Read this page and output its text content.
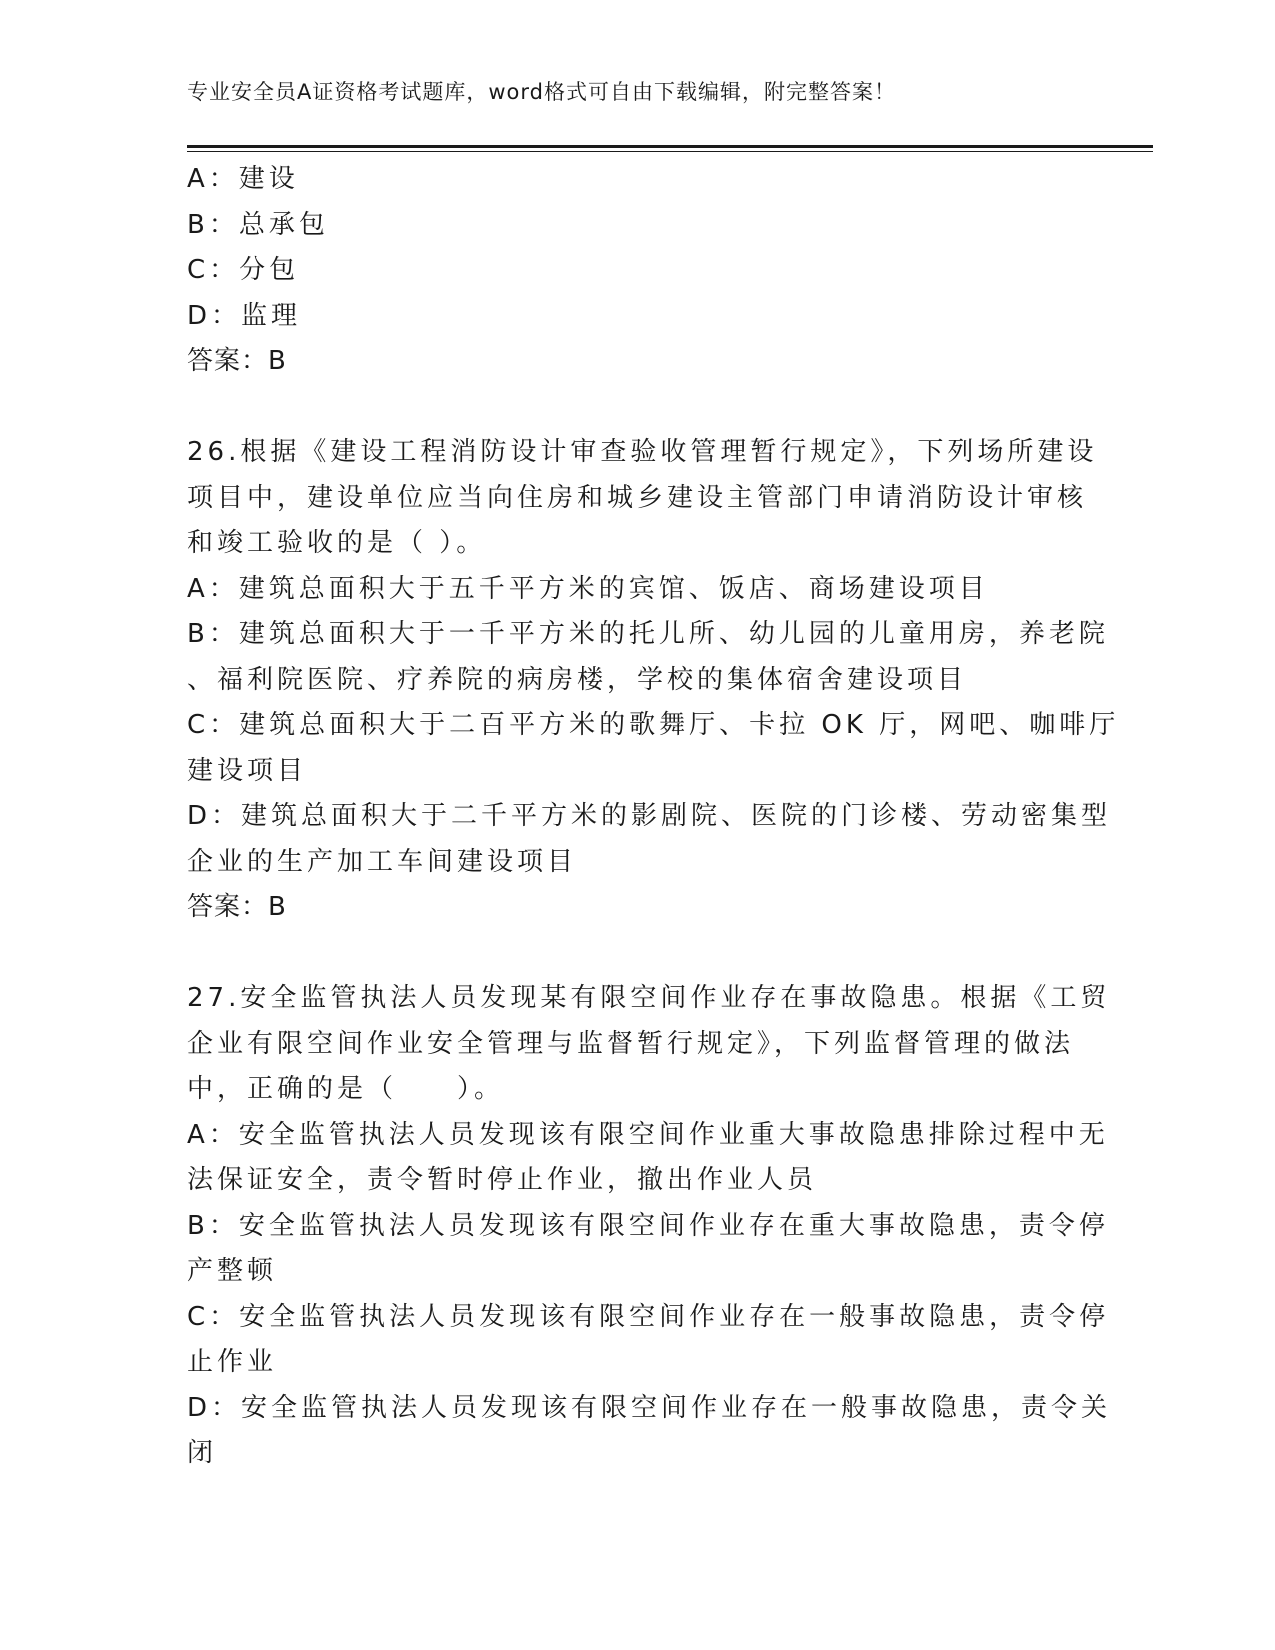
专业安全员A证资格考试题库，word格式可自由下载编辑，附完整答案！
A：建设
B：总承包
C：分包
D：监理
答案：B
26.根据《建设工程消防设计审查验收管理暂行规定》，下列场所建设
项目中，建设单位应当向住房和城乡建设主管部门申请消防设计审核
和竣工验收的是（ ）。
A：建筑总面积大于五千平方米的宾馆、饭店、商场建设项目
B：建筑总面积大于一千平方米的托儿所、幼儿园的儿童用房，养老院
、福利院医院、疗养院的病房楼，学校的集体宿舍建设项目
C：建筑总面积大于二百平方米的歌舞厅、卡拉 OK 厅，网吧、咖啡厅
建设项目
D：建筑总面积大于二千平方米的影剧院、医院的门诊楼、劳动密集型
企业的生产加工车间建设项目
答案：B
27.安全监管执法人员发现某有限空间作业存在事故隐患。根据《工贸
企业有限空间作业安全管理与监督暂行规定》，下列监督管理的做法
中，正确的是（　　）。
A：安全监管执法人员发现该有限空间作业重大事故隐患排除过程中无
法保证安全，责令暂时停止作业，撤出作业人员
B：安全监管执法人员发现该有限空间作业存在重大事故隐患，责令停
产整顿
C：安全监管执法人员发现该有限空间作业存在一般事故隐患，责令停
止作业
D：安全监管执法人员发现该有限空间作业存在一般事故隐患，责令关
闭
